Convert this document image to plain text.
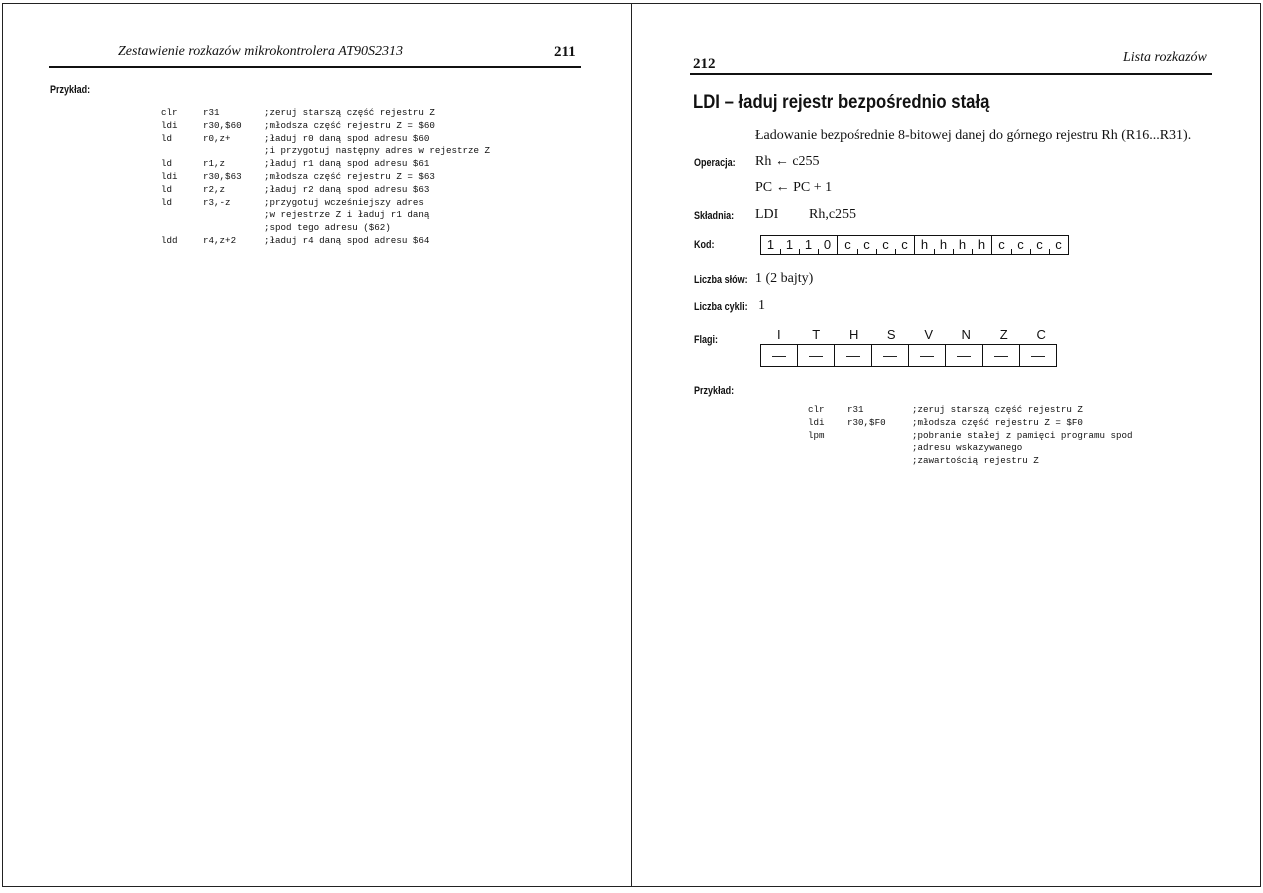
Zestawienie rozkazów mikrokontrolera AT90S2313	211
Przykład:
clr	r31	;zeruj starszą część rejestru Z
ldi	r30,$60 ;młodsza część rejestru Z = $60
ld	r0,z+	;ładuj r0 daną spod adresu $60
;i przygotuj następny adres w rejestrze Z
ld	r1,z	;ładuj r1 daną spod adresu $61
ldi	r30,$63 ;młodsza część rejestru Z = $63
ld	r2,z	;ładuj r2 daną spod adresu $63
ld	r3,-z	;przygotuj wcześniejszy adres
;w rejestrze Z i ładuj r1 daną
;spod tego adresu ($62)
ldd	r4,z+2	;ładuj r4 daną spod adresu $64
212	Lista rozkazów
LDI – ładuj rejestr bezpośrednio stałą
Ładowanie bezpośrednie 8-bitowej danej do górnego rejestru Rh (R16...R31).
Operacja: Rh ← c255
PC ← PC + 1
Składnia: LDI Rh,c255
Kod:	1 1 1 0	c c c c	h h h h	c c c c
Liczba słów: 1 (2 bajty)
Liczba cykli: 1
Flagi:	I	T	H	S	V	N	Z	C
—	—	—	—	—	—	—	—
Przykład:
clr r31	;zeruj starszą część rejestru Z
ldi r30,$F0	;młodsza część rejestru Z = $F0
lpm	;pobranie stałej z pamięci programu spod
;adresu wskazywanego
;zawartością rejestru Z
